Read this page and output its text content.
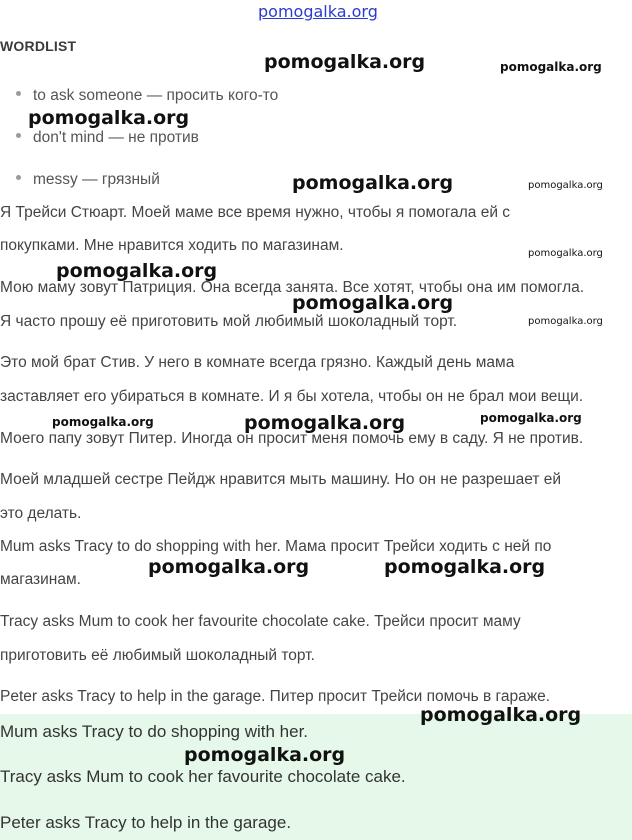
pomogalka.org
WORDLIST
to ask someone — просить кого-то
don't mind — не против
messy — грязный
Я Трейси Стюарт. Моей маме все время нужно, чтобы я помогала ей с
покупками. Мне нравится ходить по магазинам.
Мою маму зовут Патриция. Она всегда занята. Все хотят, чтобы она им помогла.
Я часто прошу её приготовить мой любимый шоколадный торт.
Это мой брат Стив. У него в комнате всегда грязно. Каждый день мама
заставляет его убираться в комнате. И я бы хотела, чтобы он не брал мои вещи.
Моего папу зовут Питер. Иногда он просит меня помочь ему в саду. Я не против.
Моей младшей сестре Пейдж нравится мыть машину. Но он не разрешает ей
это делать.
Mum asks Tracy to do shopping with her. Мама просит Трейси ходить с ней по
магазинам.
Tracy asks Mum to cook her favourite chocolate cake. Трейси просит маму
приготовить её любимый шоколадный торт.
Peter asks Tracy to help in the garage. Питер просит Трейси помочь в гараже.
Mum asks Tracy to do shopping with her.
Tracy asks Mum to cook her favourite chocolate cake.
Peter asks Tracy to help in the garage.
pomogalka.org	pomogalka.org
pomogalka.org
pomogalka.org	pomogalka.org
pomogalka.org
pomogalka.org
pomogalka.org
pomogalka.org
pomogalka.org	pomogalka.org	pomogalka.org
pomogalka.org	pomogalka.org
pomogalka.org
pomogalka.org
